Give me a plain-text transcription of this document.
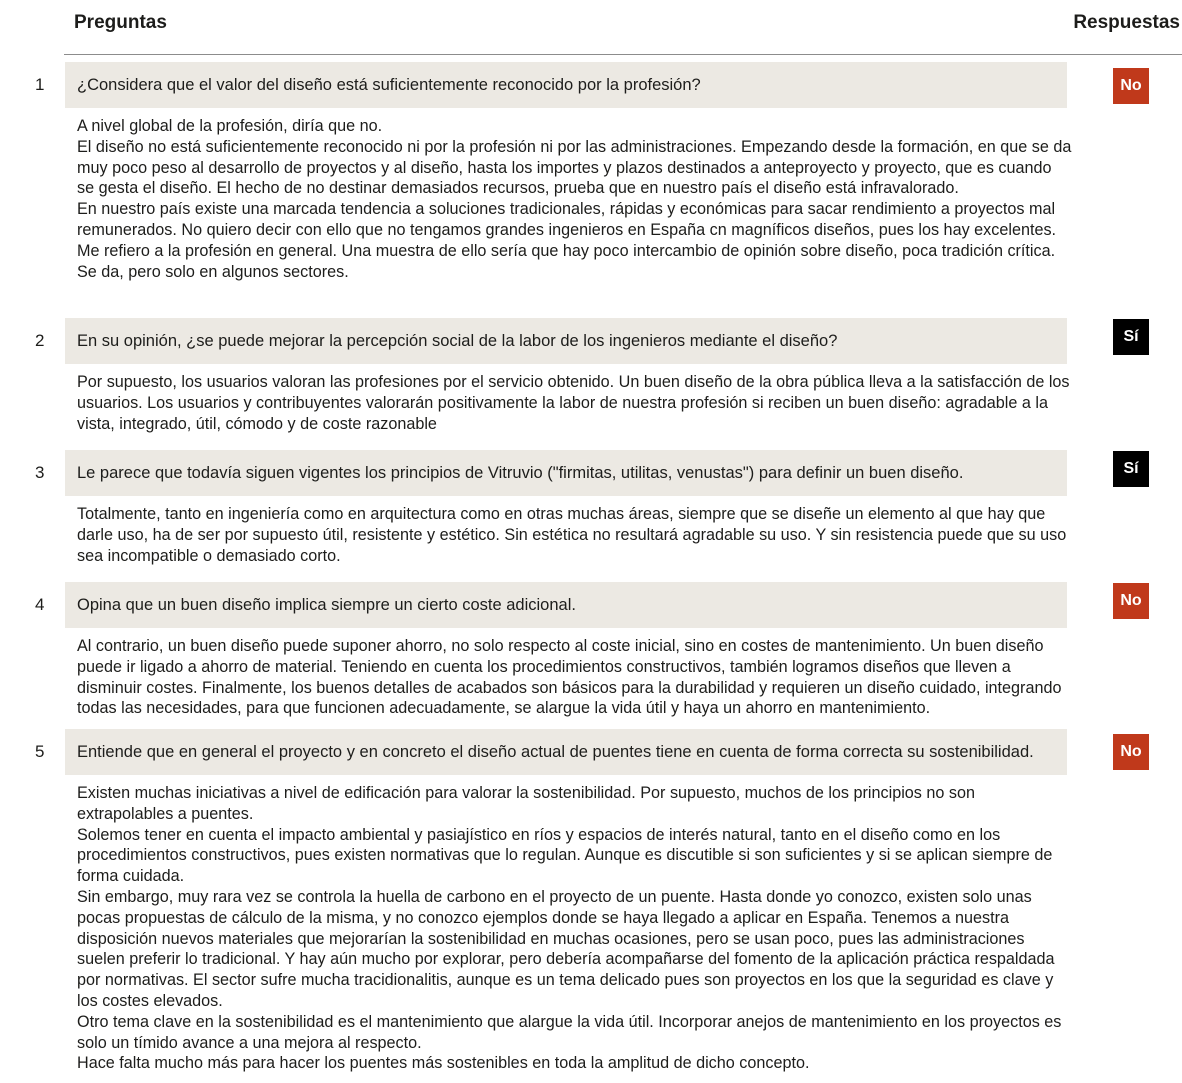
Preguntas	Respuestas
1 ¿Considera que el valor del diseño está suficientemente reconocido por la profesión?	No

A nivel global de la profesión, diría que no.

El diseño no está suficientemente reconocido ni por la profesión ni por las administraciones. Empezando desde la formación, en que se da muy poco peso al desarrollo de proyectos y al diseño, hasta los importes y plazos destinados a anteproyecto y proyecto, que es cuando se gesta el diseño. El hecho de no destinar demasiados recursos, prueba que en nuestro país el diseño está infravalorado.

En nuestro país existe una marcada tendencia a soluciones tradicionales, rápidas y económicas para sacar rendimiento a proyectos mal remunerados. No quiero decir con ello que no tengamos grandes ingenieros en España cn magníficos diseños, pues los hay excelentes. Me refiero a la profesión en general. Una muestra de ello sería que hay poco intercambio de opinión sobre diseño, poca tradición crítica. Se da, pero solo en algunos sectores.

2 En su opinión, ¿se puede mejorar la percepción social de la labor de los ingenieros mediante el diseño?	Sí

Por supuesto, los usuarios valoran las profesiones por el servicio obtenido. Un buen diseño de la obra pública lleva a la satisfacción de los usuarios. Los usuarios y contribuyentes valorarán positivamente la labor de nuestra profesión si reciben un buen diseño: agradable a la vista, integrado, útil, cómodo y de coste razonable

3 Le parece que todavía siguen vigentes los principios de Vitruvio ("firmitas, utilitas, venustas") para definir un buen diseño.	Sí

Totalmente, tanto en ingeniería como en arquitectura como en otras muchas áreas, siempre que se diseñe un elemento al que hay que darle uso, ha de ser por supuesto útil, resistente y estético. Sin estética no resultará agradable su uso. Y sin resistencia puede que su uso sea incompatible o demasiado corto.

4 Opina que un buen diseño implica siempre un cierto coste adicional.	No

Al contrario, un buen diseño puede suponer ahorro, no solo respecto al coste inicial, sino en costes de mantenimiento. Un buen diseño puede ir ligado a ahorro de material. Teniendo en cuenta los procedimientos constructivos, también logramos diseños que lleven a disminuir costes. Finalmente, los buenos detalles de acabados son básicos para la durabilidad y requieren un diseño cuidado, integrando todas las necesidades, para que funcionen adecuadamente, se alargue la vida útil y haya un ahorro en mantenimiento.

5 Entiende que en general el proyecto y en concreto el diseño actual de puentes tiene en cuenta de forma correcta su sostenibilidad.	No

Existen muchas iniciativas a nivel de edificación para valorar la sostenibilidad. Por supuesto, muchos de los principios no son extrapolables a puentes.

Solemos tener en cuenta el impacto ambiental y pasiajístico en ríos y espacios de interés natural, tanto en el diseño como en los procedimientos constructivos, pues existen normativas que lo regulan. Aunque es discutible si son suficientes y si se aplican siempre de forma cuidada.

Sin embargo, muy rara vez se controla la huella de carbono en el proyecto de un puente. Hasta donde yo conozco, existen solo unas pocas propuestas de cálculo de la misma, y no conozco ejemplos donde se haya llegado a aplicar en España. Tenemos a nuestra disposición nuevos materiales que mejorarían la sostenibilidad en muchas ocasiones, pero se usan poco, pues las administraciones suelen preferir lo tradicional. Y hay aún mucho por explorar, pero debería acompañarse del fomento de la aplicación práctica respaldada por normativas. El sector sufre mucha tracidionalitis, aunque es un tema delicado pues son proyectos en los que la seguridad es clave y los costes elevados.

Otro tema clave en la sostenibilidad es el mantenimiento que alargue la vida útil. Incorporar anejos de mantenimiento en los proyectos es solo un tímido avance a una mejora al respecto.

Hace falta mucho más para hacer los puentes más sostenibles en toda la amplitud de dicho concepto.
